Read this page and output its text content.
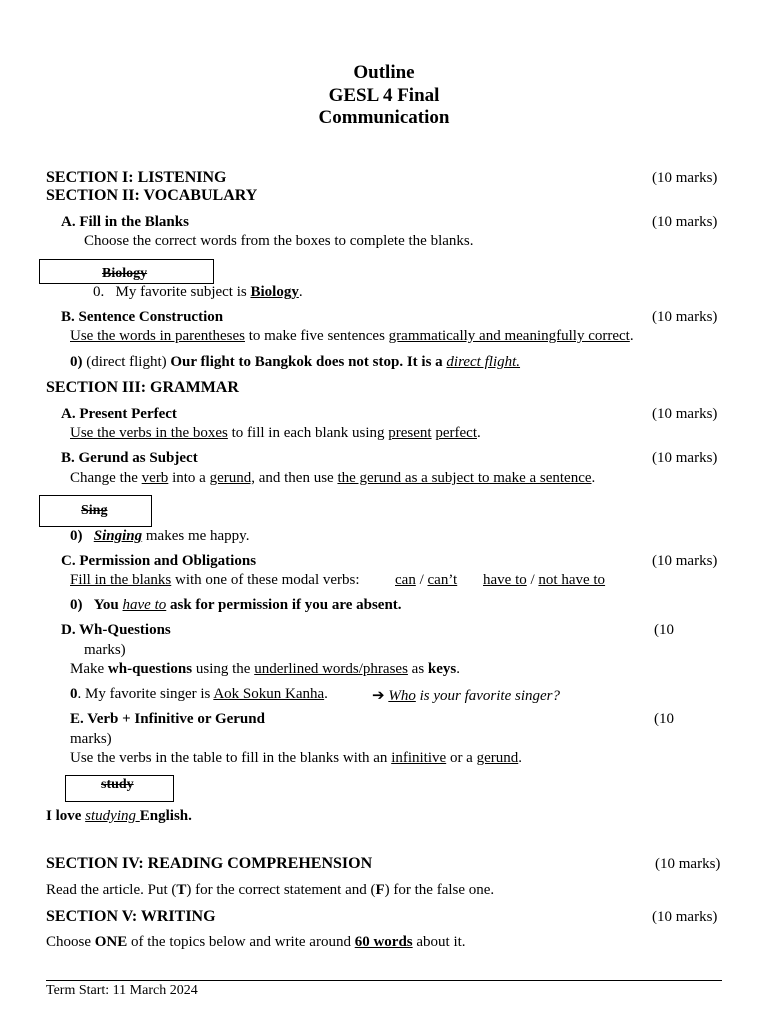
Outline
GESL 4 Final
Communication
SECTION I: LISTENING	(10 marks)
SECTION II: VOCABULARY
A. Fill in the Blanks	(10 marks)
Choose the correct words from the boxes to complete the blanks.
Biology
0. My favorite subject is Biology.
B. Sentence Construction	(10 marks)
Use the words in parentheses to make five sentences grammatically and meaningfully correct.
0) (direct flight) Our flight to Bangkok does not stop. It is a direct flight.
SECTION III: GRAMMAR
A. Present Perfect	(10 marks)
Use the verbs in the boxes to fill in each blank using present perfect.
B. Gerund as Subject	(10 marks)
Change the verb into a gerund, and then use the gerund as a subject to make a sentence.
Sing
0) Singing makes me happy.
C. Permission and Obligations	(10 marks)
Fill in the blanks with one of these modal verbs: can / can’t have to / not have to
0) You have to ask for permission if you are absent.
D. Wh-Questions	(10
marks)
Make wh-questions using the underlined words/phrases as keys.
0. My favorite singer is Aok Sokun Kanha.	➔ Who is your favorite singer?
E. Verb + Infinitive or Gerund	(10
marks)
Use the verbs in the table to fill in the blanks with an infinitive or a gerund.
study
I love studying English.
SECTION IV: READING COMPREHENSION	(10 marks)
Read the article. Put (T) for the correct statement and (F) for the false one.
SECTION V: WRITING	(10 marks)
Choose ONE of the topics below and write around 60 words about it.
Term Start: 11 March 2024
